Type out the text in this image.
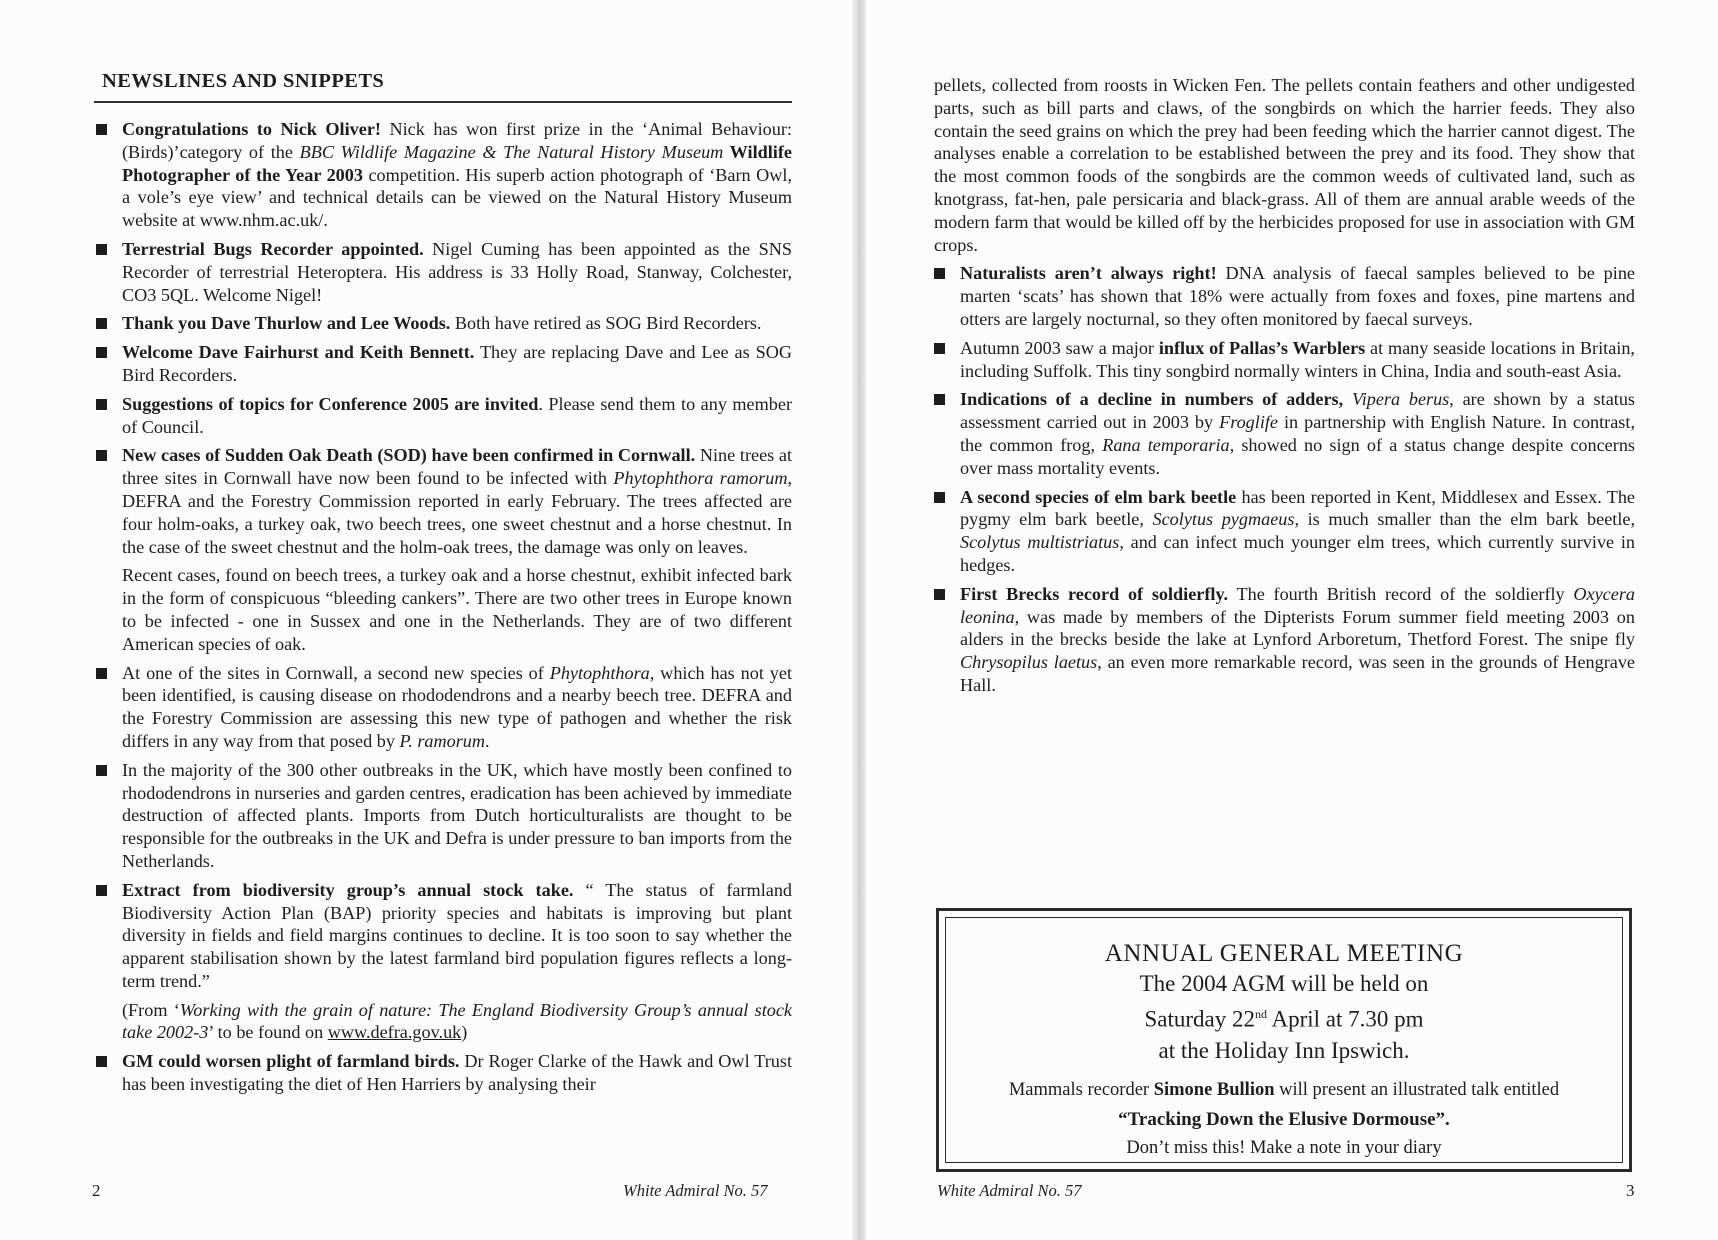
NEWSLINES AND SNIPPETS
Congratulations to Nick Oliver! Nick has won first prize in the ‘Animal Behaviour: (Birds)’category of the BBC Wildlife Magazine & The Natural History Museum Wildlife Photographer of the Year 2003 competition. His superb action photograph of ‘Barn Owl, a vole’s eye view’ and technical details can be viewed on the Natural History Museum website at www.nhm.ac.uk/.
Terrestrial Bugs Recorder appointed. Nigel Cuming has been appointed as the SNS Recorder of terrestrial Heteroptera. His address is 33 Holly Road, Stanway, Colchester, CO3 5QL. Welcome Nigel!
Thank you Dave Thurlow and Lee Woods. Both have retired as SOG Bird Recorders.
Welcome Dave Fairhurst and Keith Bennett. They are replacing Dave and Lee as SOG Bird Recorders.
Suggestions of topics for Conference 2005 are invited. Please send them to any member of Council.
New cases of Sudden Oak Death (SOD) have been confirmed in Cornwall. Nine trees at three sites in Cornwall have now been found to be infected with Phytophthora ramorum, DEFRA and the Forestry Commission reported in early February. The trees affected are four holm-oaks, a turkey oak, two beech trees, one sweet chestnut and a horse chestnut. In the case of the sweet chestnut and the holm-oak trees, the damage was only on leaves.
Recent cases, found on beech trees, a turkey oak and a horse chestnut, exhibit infected bark in the form of conspicuous “bleeding cankers”. There are two other trees in Europe known to be infected - one in Sussex and one in the Netherlands. They are of two different American species of oak.
At one of the sites in Cornwall, a second new species of Phytophthora, which has not yet been identified, is causing disease on rhododendrons and a nearby beech tree. DEFRA and the Forestry Commission are assessing this new type of pathogen and whether the risk differs in any way from that posed by P. ramorum.
In the majority of the 300 other outbreaks in the UK, which have mostly been confined to rhododendrons in nurseries and garden centres, eradication has been achieved by immediate destruction of affected plants. Imports from Dutch horticulturalists are thought to be responsible for the outbreaks in the UK and Defra is under pressure to ban imports from the Netherlands.
Extract from biodiversity group’s annual stock take. “ The status of farmland Biodiversity Action Plan (BAP) priority species and habitats is improving but plant diversity in fields and field margins continues to decline. It is too soon to say whether the apparent stabilisation shown by the latest farmland bird population figures reflects a long-term trend.”
(From ‘Working with the grain of nature: The England Biodiversity Group’s annual stock take 2002-3’ to be found on www.defra.gov.uk)
GM could worsen plight of farmland birds. Dr Roger Clarke of the Hawk and Owl Trust has been investigating the diet of Hen Harriers by analysing their
2	White Admiral No. 57
pellets, collected from roosts in Wicken Fen. The pellets contain feathers and other undigested parts, such as bill parts and claws, of the songbirds on which the harrier feeds. They also contain the seed grains on which the prey had been feeding which the harrier cannot digest. The analyses enable a correlation to be established between the prey and its food. They show that the most common foods of the songbirds are the common weeds of cultivated land, such as knotgrass, fat-hen, pale persicaria and black-grass. All of them are annual arable weeds of the modern farm that would be killed off by the herbicides proposed for use in association with GM crops.
Naturalists aren’t always right! DNA analysis of faecal samples believed to be pine marten ‘scats’ has shown that 18% were actually from foxes and foxes, pine martens and otters are largely nocturnal, so they often monitored by faecal surveys.
Autumn 2003 saw a major influx of Pallas’s Warblers at many seaside locations in Britain, including Suffolk. This tiny songbird normally winters in China, India and south-east Asia.
Indications of a decline in numbers of adders, Vipera berus, are shown by a status assessment carried out in 2003 by Froglife in partnership with English Nature. In contrast, the common frog, Rana temporaria, showed no sign of a status change despite concerns over mass mortality events.
A second species of elm bark beetle has been reported in Kent, Middlesex and Essex. The pygmy elm bark beetle, Scolytus pygmaeus, is much smaller than the elm bark beetle, Scolytus multistriatus, and can infect much younger elm trees, which currently survive in hedges.
First Brecks record of soldierfly. The fourth British record of the soldierfly Oxycera leonina, was made by members of the Dipterists Forum summer field meeting 2003 on alders in the brecks beside the lake at Lynford Arboretum, Thetford Forest. The snipe fly Chrysopilus laetus, an even more remarkable record, was seen in the grounds of Hengrave Hall.
ANNUAL GENERAL MEETING
The 2004 AGM will be held on
Saturday 22nd April at 7.30 pm
at the Holiday Inn Ipswich.
Mammals recorder Simone Bullion will present an illustrated talk entitled
“Tracking Down the Elusive Dormouse”.
Don’t miss this! Make a note in your diary
White Admiral No. 57	3
